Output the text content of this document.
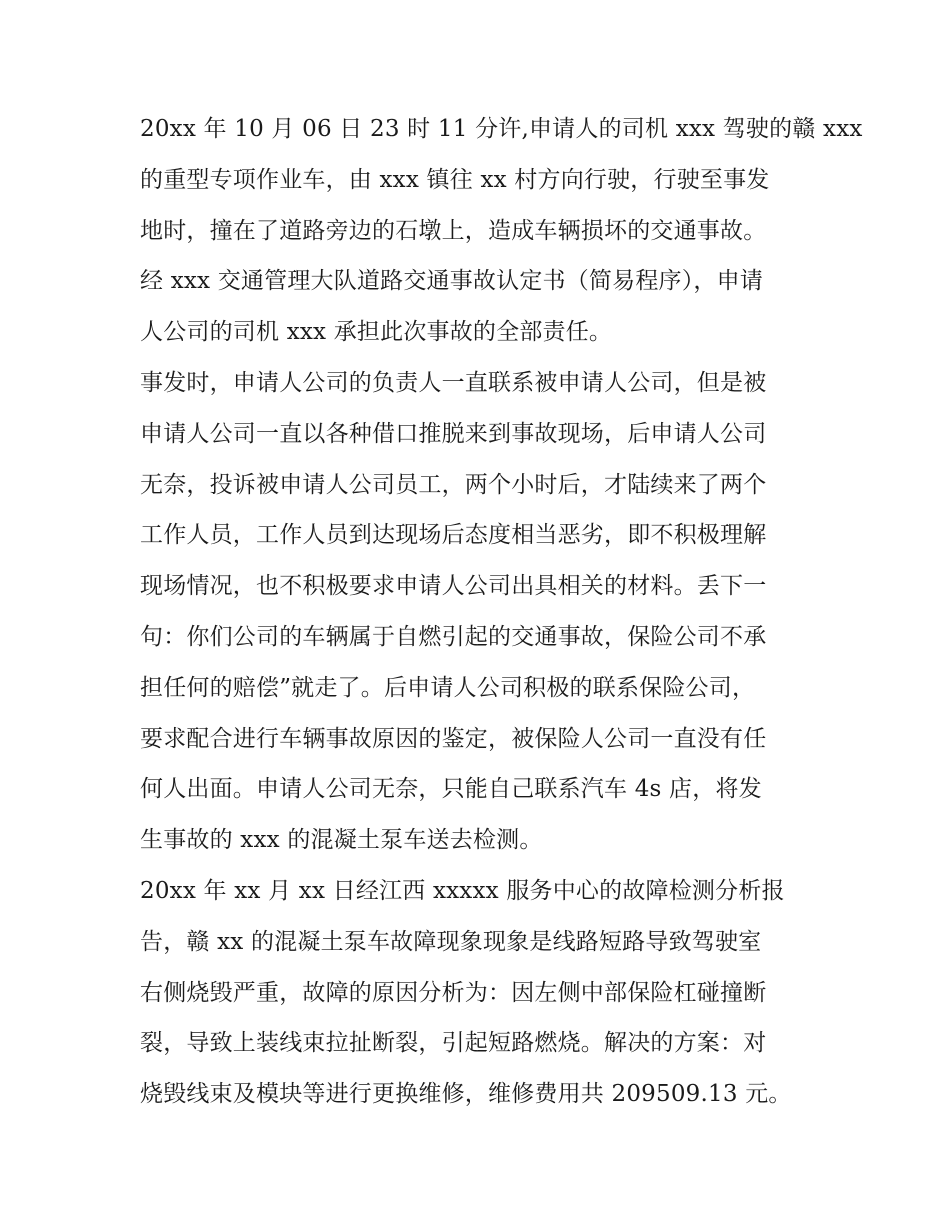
20xx 年 10 月 06 日 23 时 11 分许,申请人的司机 xxx 驾驶的赣 xxx
的重型专项作业车，由 xxx 镇往 xx 村方向行驶，行驶至事发
地时，撞在了道路旁边的石墩上，造成车辆损坏的交通事故。
经 xxx 交通管理大队道路交通事故认定书（简易程序），申请
人公司的司机 xxx 承担此次事故的全部责任。
事发时，申请人公司的负责人一直联系被申请人公司，但是被
申请人公司一直以各种借口推脱来到事故现场，后申请人公司
无奈，投诉被申请人公司员工，两个小时后，才陆续来了两个
工作人员，工作人员到达现场后态度相当恶劣，即不积极理解
现场情况，也不积极要求申请人公司出具相关的材料。丢下一
句：你们公司的车辆属于自燃引起的交通事故，保险公司不承
担任何的赔偿”就走了。后申请人公司积极的联系保险公司，
要求配合进行车辆事故原因的鉴定，被保险人公司一直没有任
何人出面。申请人公司无奈，只能自己联系汽车 4s 店，将发
生事故的 xxx 的混凝土泵车送去检测。
20xx 年 xx 月 xx 日经江西 xxxxx 服务中心的故障检测分析报
告，赣 xx 的混凝土泵车故障现象现象是线路短路导致驾驶室
右侧烧毁严重，故障的原因分析为：因左侧中部保险杠碰撞断
裂，导致上装线束拉扯断裂，引起短路燃烧。解决的方案：对
烧毁线束及模块等进行更换维修，维修费用共 209509.13 元。
